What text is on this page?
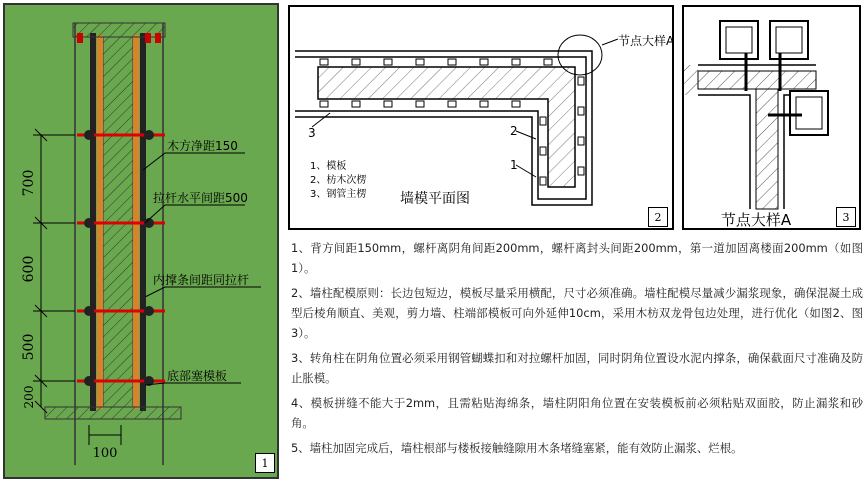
700
600
500
200
100
木方净距150
拉杆水平间距500
内撑条间距同拉杆
底部塞模板
1
节点大样A
3	2
1
1、模板
2、枋木次楞
3、钢管主楞 墙模平面图
2	节点大样A	3

1、背方间距150mm，螺杆离阴角间距200mm，螺杆离封头间距200mm，第一道加固离楼面200mm（如图1）。

2、墙柱配模原则：长边包短边，模板尽量采用横配，尺寸必须准确。墙柱配模尽量减少漏浆现象，确保混凝土成型后棱角顺直、美观，剪力墙、柱端部模板可向外延伸10cm，采用木枋双龙骨包边处理，进行优化（如图2、图3）。

3、转角柱在阴角位置必须采用钢管蝴蝶扣和对拉螺杆加固，同时阴角位置设水泥内撑条，确保截面尺寸准确及防止胀模。

4、模板拼缝不能大于2mm，且需粘贴海绵条，墙柱阴阳角位置在安装模板前必须粘贴双面胶，防止漏浆和砂角。

5、墙柱加固完成后，墙柱根部与楼板接触缝隙用木条堵缝塞紧，能有效防止漏浆、烂根。
